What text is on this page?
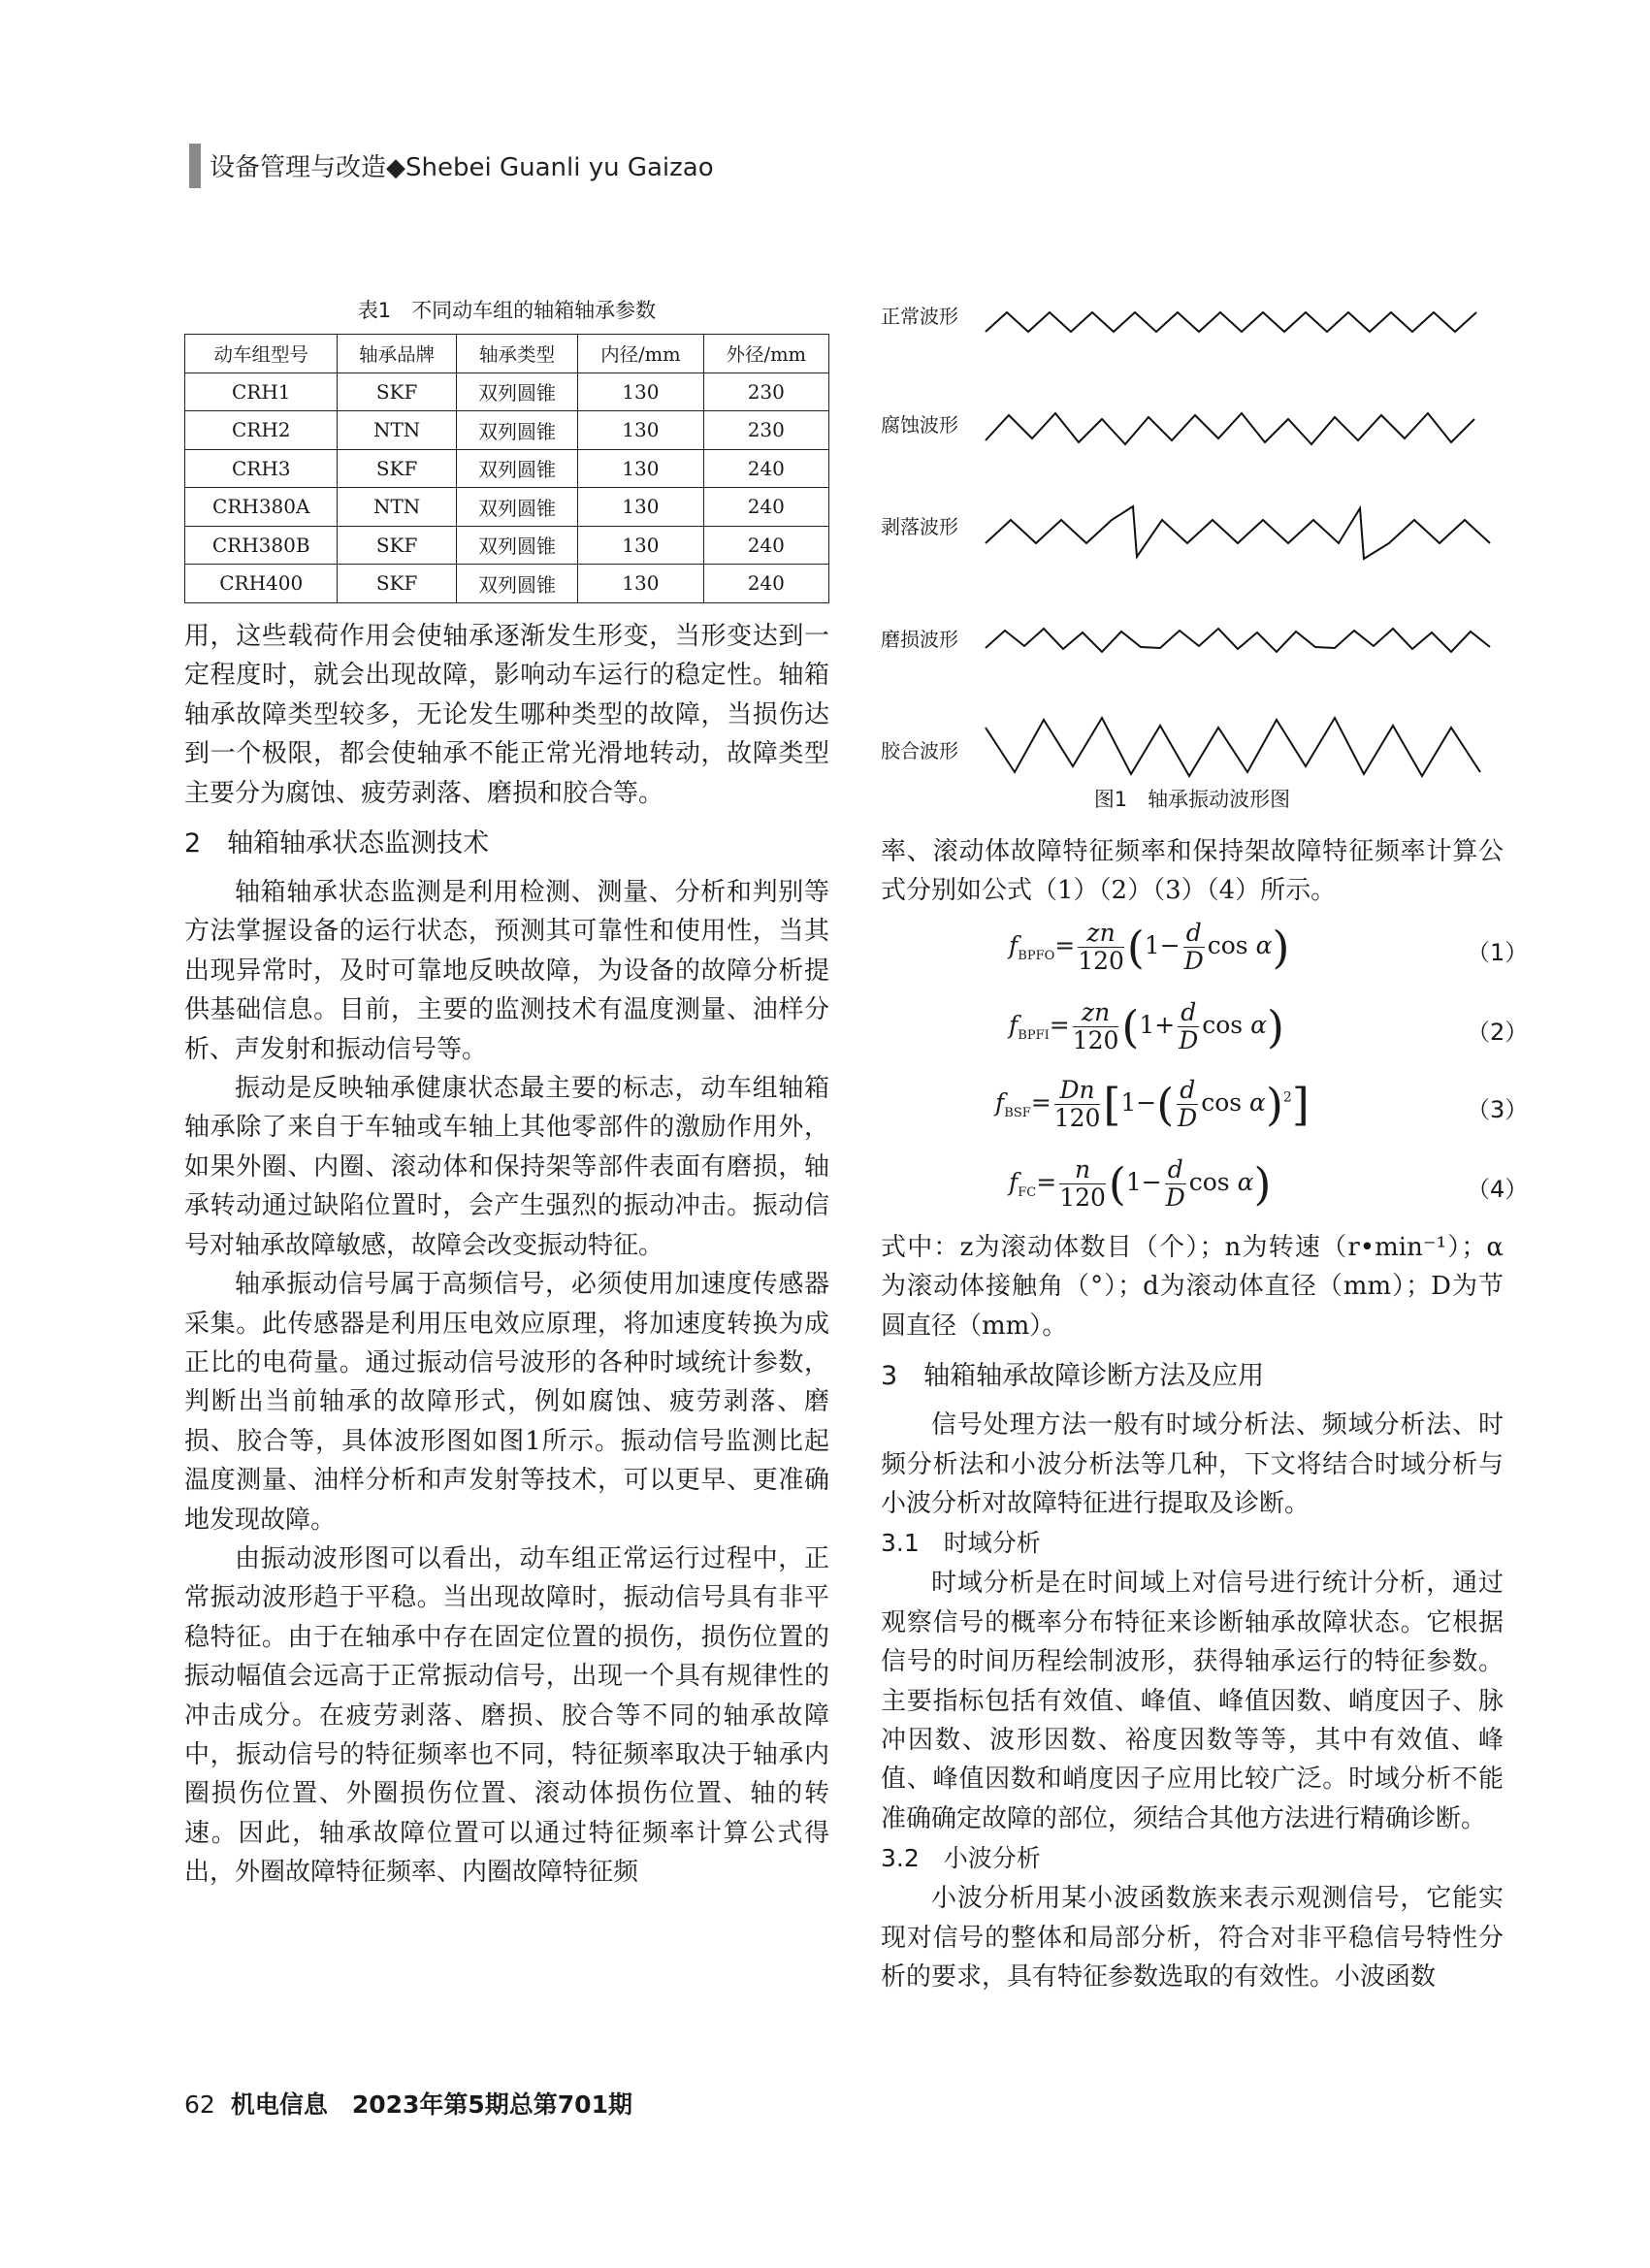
设备管理与改造◆Shebei Guanli yu Gaizao
表1　不同动车组的轴箱轴承参数
动车组型号	轴承品牌	轴承类型	内径/mm	外径/mm
CRH1	SKF	双列圆锥	130	230
CRH2	NTN	双列圆锥	130	230
CRH3	SKF	双列圆锥	130	240
CRH380A	NTN	双列圆锥	130	240
CRH380B	SKF	双列圆锥	130	240
CRH400	SKF	双列圆锥	130	240

用，这些载荷作用会使轴承逐渐发生形变，当形变达到一定程度时，就会出现故障，影响动车运行的稳定性。轴箱轴承故障类型较多，无论发生哪种类型的故障，当损伤达到一个极限，都会使轴承不能正常光滑地转动，故障类型主要分为腐蚀、疲劳剥落、磨损和胶合等。

2　轴箱轴承状态监测技术

轴箱轴承状态监测是利用检测、测量、分析和判别等方法掌握设备的运行状态，预测其可靠性和使用性，当其出现异常时，及时可靠地反映故障，为设备的故障分析提供基础信息。目前，主要的监测技术有温度测量、油样分析、声发射和振动信号等。

振动是反映轴承健康状态最主要的标志，动车组轴箱轴承除了来自于车轴或车轴上其他零部件的激励作用外，如果外圈、内圈、滚动体和保持架等部件表面有磨损，轴承转动通过缺陷位置时，会产生强烈的振动冲击。振动信号对轴承故障敏感，故障会改变振动特征。

轴承振动信号属于高频信号，必须使用加速度传感器采集。此传感器是利用压电效应原理，将加速度转换为成正比的电荷量。通过振动信号波形的各种时域统计参数，判断出当前轴承的故障形式，例如腐蚀、疲劳剥落、磨损、胶合等，具体波形图如图1所示。振动信号监测比起温度测量、油样分析和声发射等技术，可以更早、更准确地发现故障。

由振动波形图可以看出，动车组正常运行过程中，正常振动波形趋于平稳。当出现故障时，振动信号具有非平稳特征。由于在轴承中存在固定位置的损伤，损伤位置的振动幅值会远高于正常振动信号，出现一个具有规律性的冲击成分。在疲劳剥落、磨损、胶合等不同的轴承故障中，振动信号的特征频率也不同，特征频率取决于轴承内圈损伤位置、外圈损伤位置、滚动体损伤位置、轴的转速。因此，轴承故障位置可以通过特征频率计算公式得出，外圈故障特征频率、内圈故障特征频

正常波形
腐蚀波形
剥落波形
磨损波形
胶合波形
图1　轴承振动波形图

率、滚动体故障特征频率和保持架故障特征频率计算公式分别如公式（1）（2）（3）（4）所示。

$f_{BPFO}= \frac{zn}{120} (1- \frac{d}{D}$ cos α)	（1）
$f_{BPFI}= \frac{zn}{120} (1+ \frac{d}{D}$ cos α)	（2）
$f_{BSF}= \frac{Dn}{120} [1-( \frac{d}{D}$ cos α)$^2$]	（3）
$f_{FC}= \frac{n}{120} (1- \frac{d}{D}$ cos α)	（4）

式中：z为滚动体数目（个）；n为转速（r•min⁻¹）；α为滚动体接触角（°）；d为滚动体直径（mm）；D为节圆直径（mm）。

3　轴箱轴承故障诊断方法及应用

信号处理方法一般有时域分析法、频域分析法、时频分析法和小波分析法等几种，下文将结合时域分析与小波分析对故障特征进行提取及诊断。

3.1　时域分析

时域分析是在时间域上对信号进行统计分析，通过观察信号的概率分布特征来诊断轴承故障状态。它根据信号的时间历程绘制波形，获得轴承运行的特征参数。主要指标包括有效值、峰值、峰值因数、峭度因子、脉冲因数、波形因数、裕度因数等等，其中有效值、峰值、峰值因数和峭度因子应用比较广泛。时域分析不能准确确定故障的部位，须结合其他方法进行精确诊断。

3.2　小波分析

小波分析用某小波函数族来表示观测信号，它能实现对信号的整体和局部分析，符合对非平稳信号特性分析的要求，具有特征参数选取的有效性。小波函数

62 机电信息　2023年第5期总第701期
